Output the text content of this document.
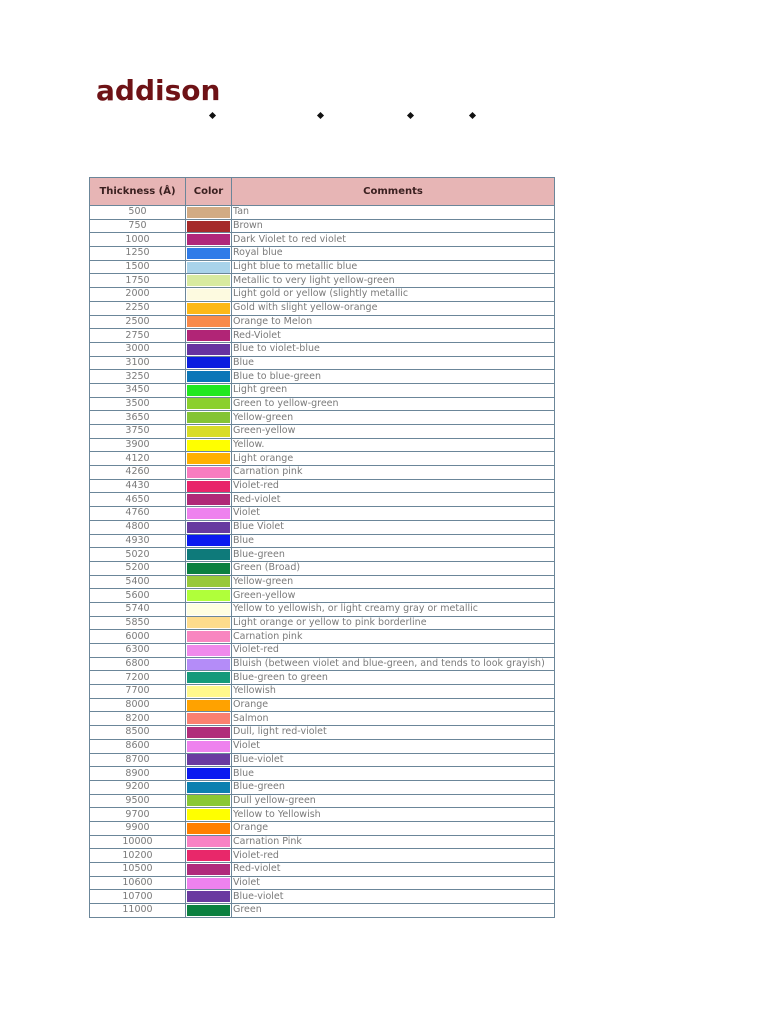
addison
Thickness (Å)	Color	Comments
500		Tan
750		Brown
1000		Dark Violet to red violet
1250		Royal blue
1500		Light blue to metallic blue
1750		Metallic to very light yellow-green
2000		Light gold or yellow (slightly metallic
2250		Gold with slight yellow-orange
2500		Orange to Melon
2750		Red-Violet
3000		Blue to violet-blue
3100		Blue
3250		Blue to blue-green
3450		Light green
3500		Green to yellow-green
3650		Yellow-green
3750		Green-yellow
3900		Yellow.
4120		Light orange
4260		Carnation pink
4430		Violet-red
4650		Red-violet
4760		Violet
4800		Blue Violet
4930		Blue
5020		Blue-green
5200		Green (Broad)
5400		Yellow-green
5600		Green-yellow
5740		Yellow to yellowish, or light creamy gray or metallic
5850		Light orange or yellow to pink borderline
6000		Carnation pink
6300		Violet-red
6800		Bluish (between violet and blue-green, and tends to look grayish)
7200		Blue-green to green
7700		Yellowish
8000		Orange
8200		Salmon
8500		Dull, light red-violet
8600		Violet
8700		Blue-violet
8900		Blue
9200		Blue-green
9500		Dull yellow-green
9700		Yellow to Yellowish
9900		Orange
10000		Carnation Pink
10200		Violet-red
10500		Red-violet
10600		Violet
10700		Blue-violet
11000		Green
